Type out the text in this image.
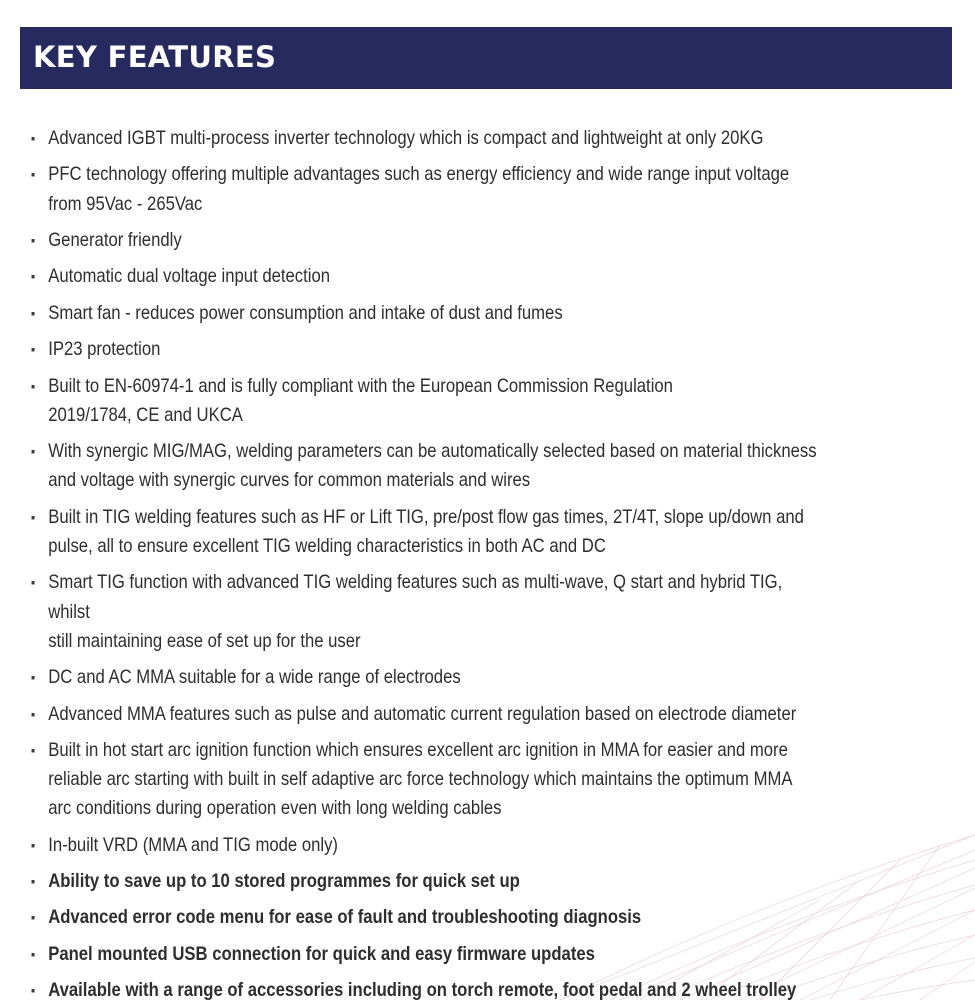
KEY FEATURES
▪ Advanced IGBT multi-process inverter technology which is compact and lightweight at only 20KG
▪ PFC technology offering multiple advantages such as energy efficiency and wide range input voltage
from 95Vac - 265Vac
▪ Generator friendly
▪ Automatic dual voltage input detection
▪ Smart fan - reduces power consumption and intake of dust and fumes
▪ IP23 protection
▪ Built to EN-60974-1 and is fully compliant with the European Commission Regulation
2019/1784, CE and UKCA
▪ With synergic MIG/MAG, welding parameters can be automatically selected based on material thickness
and voltage with synergic curves for common materials and wires
▪ Built in TIG welding features such as HF or Lift TIG, pre/post flow gas times, 2T/4T, slope up/down and
pulse, all to ensure excellent TIG welding characteristics in both AC and DC
▪ Smart TIG function with advanced TIG welding features such as multi-wave, Q start and hybrid TIG, whilst
still maintaining ease of set up for the user
▪ DC and AC MMA suitable for a wide range of electrodes
▪ Advanced MMA features such as pulse and automatic current regulation based on electrode diameter
▪ Built in hot start arc ignition function which ensures excellent arc ignition in MMA for easier and more
reliable arc starting with built in self adaptive arc force technology which maintains the optimum MMA
arc conditions during operation even with long welding cables
▪ In-built VRD (MMA and TIG mode only)
▪ Ability to save up to 10 stored programmes for quick set up
▪ Advanced error code menu for ease of fault and troubleshooting diagnosis
▪ Panel mounted USB connection for quick and easy firmware updates
▪ Available with a range of accessories including on torch remote, foot pedal and 2 wheel trolley
